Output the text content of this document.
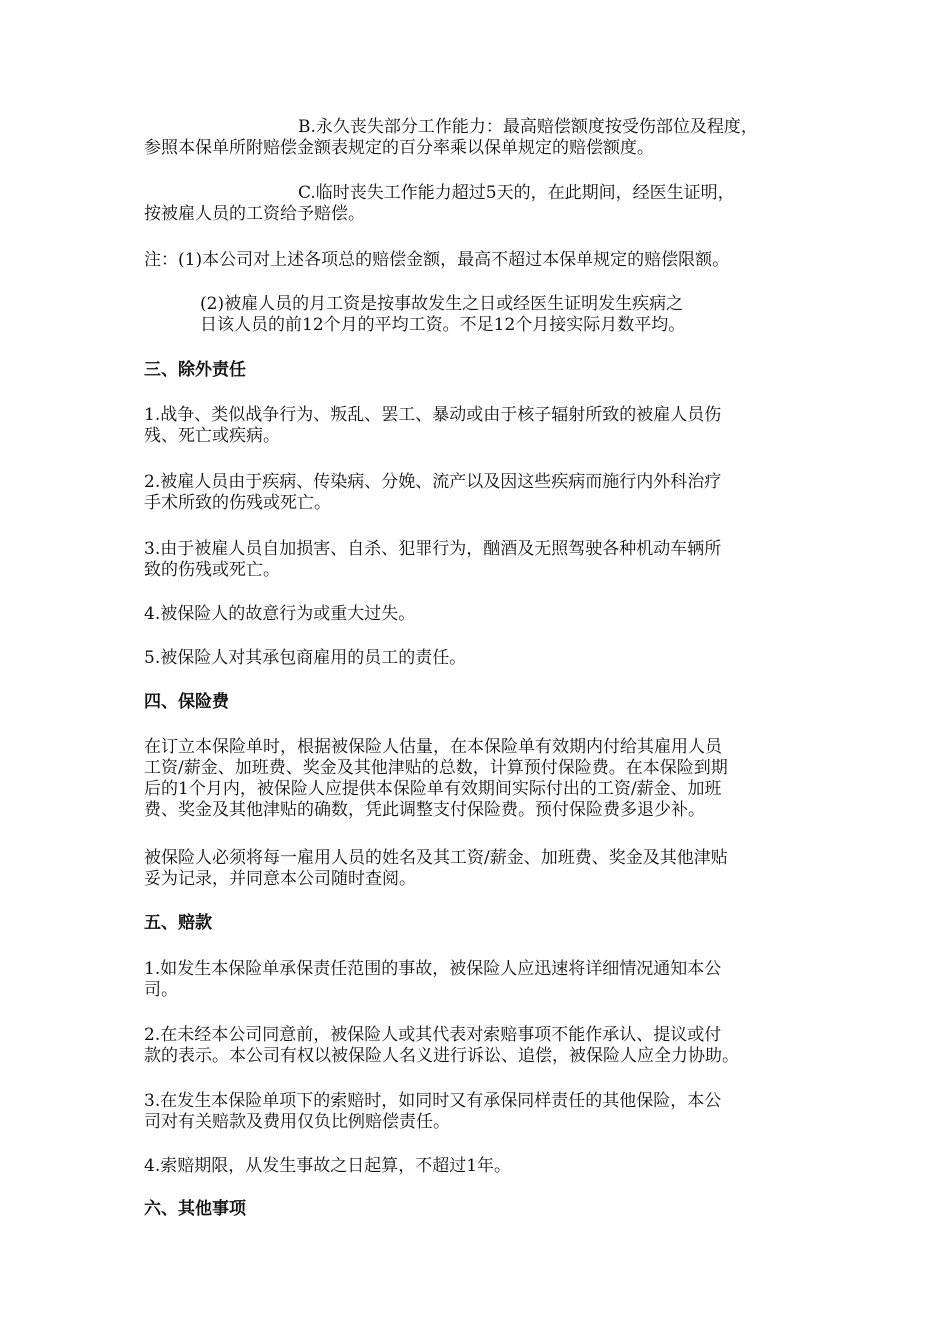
B.永久丧失部分工作能力：最高赔偿额度按受伤部位及程度，
参照本保单所附赔偿金额表规定的百分率乘以保单规定的赔偿额度。

C.临时丧失工作能力超过5天的，在此期间，经医生证明，
按被雇人员的工资给予赔偿。

注：(1)本公司对上述各项总的赔偿金额，最高不超过本保单规定的赔偿限额。

(2)被雇人员的月工资是按事故发生之日或经医生证明发生疾病之
日该人员的前12个月的平均工资。不足12个月接实际月数平均。

三、除外责任

1.战争、类似战争行为、叛乱、罢工、暴动或由于核子辐射所致的被雇人员伤
残、死亡或疾病。

2.被雇人员由于疾病、传染病、分娩、流产以及因这些疾病而施行内外科治疗
手术所致的伤残或死亡。

3.由于被雇人员自加损害、自杀、犯罪行为，酗酒及无照驾驶各种机动车辆所
致的伤残或死亡。

4.被保险人的故意行为或重大过失。

5.被保险人对其承包商雇用的员工的责任。

四、保险费

在订立本保险单时，根据被保险人估量，在本保险单有效期内付给其雇用人员
工资/薪金、加班费、奖金及其他津贴的总数，计算预付保险费。在本保险到期
后的1个月内，被保险人应提供本保险单有效期间实际付出的工资/薪金、加班
费、奖金及其他津贴的确数，凭此调整支付保险费。预付保险费多退少补。

被保险人必须将每一雇用人员的姓名及其工资/薪金、加班费、奖金及其他津贴
妥为记录，并同意本公司随时查阅。

五、赔款

1.如发生本保险单承保责任范围的事故，被保险人应迅速将详细情况通知本公
司。

2.在未经本公司同意前，被保险人或其代表对索赔事项不能作承认、提议或付
款的表示。本公司有权以被保险人名义进行诉讼、追偿，被保险人应全力协助。

3.在发生本保险单项下的索赔时，如同时又有承保同样责任的其他保险，本公
司对有关赔款及费用仅负比例赔偿责任。

4.索赔期限，从发生事故之日起算，不超过1年。

六、其他事项
